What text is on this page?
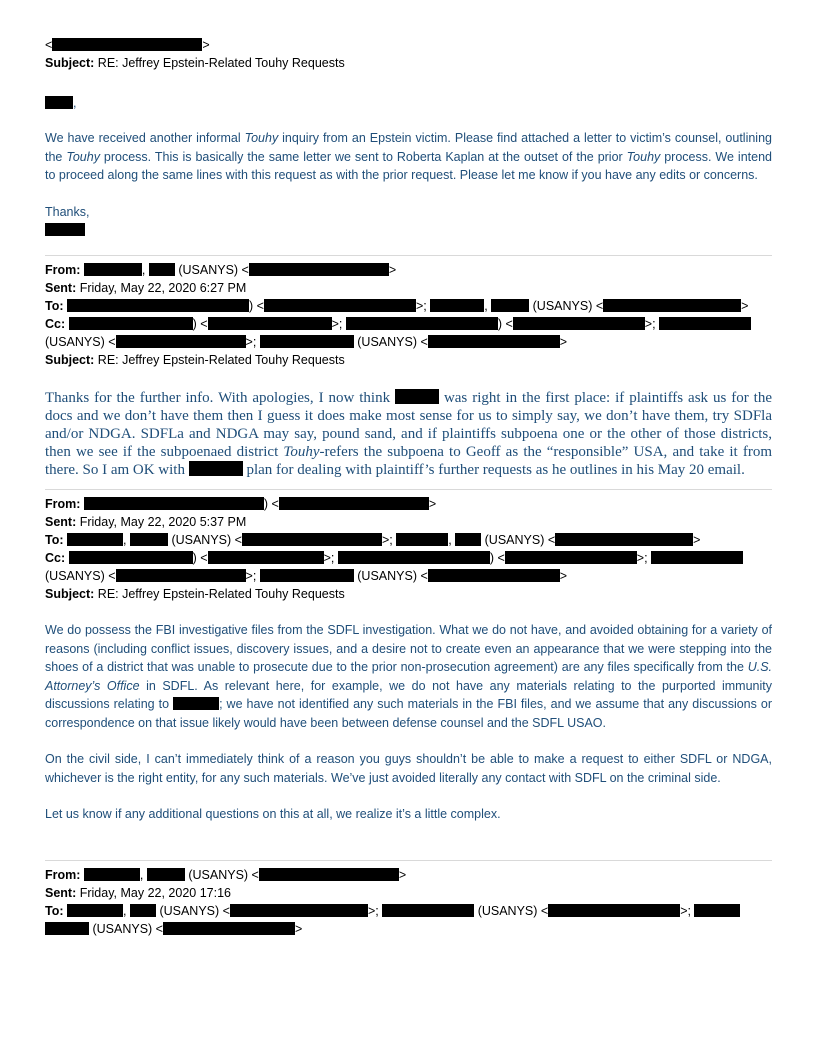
<	>
Subject: RE: Jeffrey Epstein-Related Touhy Requests
,

We have received another informal Touhy inquiry from an Epstein victim. Please find attached a letter to victim’s counsel, outlining the Touhy process. This is basically the same letter we sent to Roberta Kaplan at the outset of the prior Touhy process. We intend to proceed along the same lines with this request as with the prior request. Please let me know if you have any edits or concerns.

Thanks,

From:	,  (USANYS) <	>
Sent: Friday, May 22, 2020 6:27 PM
To:	) <	>;	,	(USANYS) <	>
Cc:	) <	>;	) <	>;
(USANYS) <	>;	(USANYS) <	>
Subject: RE: Jeffrey Epstein-Related Touhy Requests

Thanks for the further info. With apologies, I now think	was right in the first place: if plaintiffs ask us for the docs and we don’t have them then I guess it does make most sense for us to simply say, we don’t have them, try SDFla and/or NDGA. SDFLa and NDGA may say, pound sand, and if plaintiffs subpoena one or the other of those districts, then we see if the subpoenaed district Touhy-refers the subpoena to Geoff as the “responsible” USA, and take it from there. So I am OK with	plan for dealing with plaintiff’s further requests as he outlines in his May 20 email.

From:	) <	>
Sent: Friday, May 22, 2020 5:37 PM
To:	,	(USANYS) <	>;	,  (USANYS) <	>
Cc:	) <	>;	) <	>;
(USANYS) <	>;	(USANYS) <	>
Subject: RE: Jeffrey Epstein-Related Touhy Requests

We do possess the FBI investigative files from the SDFL investigation. What we do not have, and avoided obtaining for a variety of reasons (including conflict issues, discovery issues, and a desire not to create even an appearance that we were stepping into the shoes of a district that was unable to prosecute due to the prior non-prosecution agreement) are any files specifically from the U.S. Attorney’s Office in SDFL. As relevant here, for example, we do not have any materials relating to the purported immunity discussions relating to	; we have not identified any such materials in the FBI files, and we assume that any discussions or correspondence on that issue likely would have been between defense counsel and the SDFL USAO.

On the civil side, I can’t immediately think of a reason you guys shouldn’t be able to make a request to either SDFL or NDGA, whichever is the right entity, for any such materials. We’ve just avoided literally any contact with SDFL on the criminal side.

Let us know if any additional questions on this at all, we realize it’s a little complex.

From:	,	(USANYS) <	>
Sent: Friday, May 22, 2020 17:16
To:	,  (USANYS) <	>;	(USANYS) <	>;
(USANYS) <	>
